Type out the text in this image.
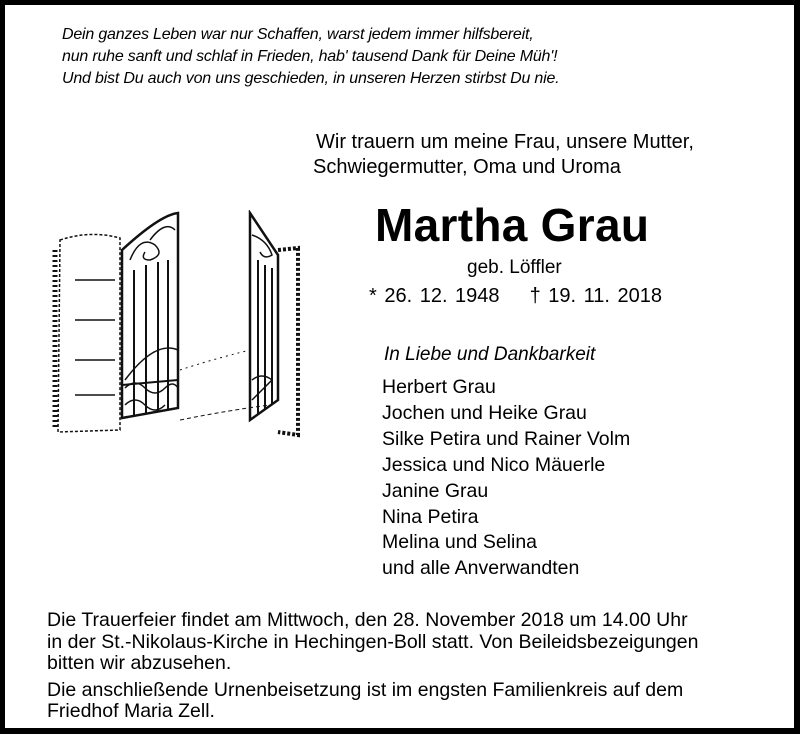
Dein ganzes Leben war nur Schaffen, warst jedem immer hilfsbereit,
nun ruhe sanft und schlaf in Frieden, hab' tausend Dank für Deine Müh'!
Und bist Du auch von uns geschieden, in unseren Herzen stirbst Du nie.
Wir trauern um meine Frau, unsere Mutter,
Schwiegermutter, Oma und Uroma
Martha Grau
geb. Löffler
* 26. 12. 1948 † 19. 11. 2018
In Liebe und Dankbarkeit
Herbert Grau
Jochen und Heike Grau
Silke Petira und Rainer Volm
Jessica und Nico Mäuerle
Janine Grau
Nina Petira
Melina und Selina
und alle Anverwandten

Die Trauerfeier findet am Mittwoch, den 28. November 2018 um 14.00 Uhr
in der St.-Nikolaus-Kirche in Hechingen-Boll statt. Von Beileidsbezeigungen
bitten wir abzusehen.

Die anschließende Urnenbeisetzung ist im engsten Familienkreis auf dem
Friedhof Maria Zell.
